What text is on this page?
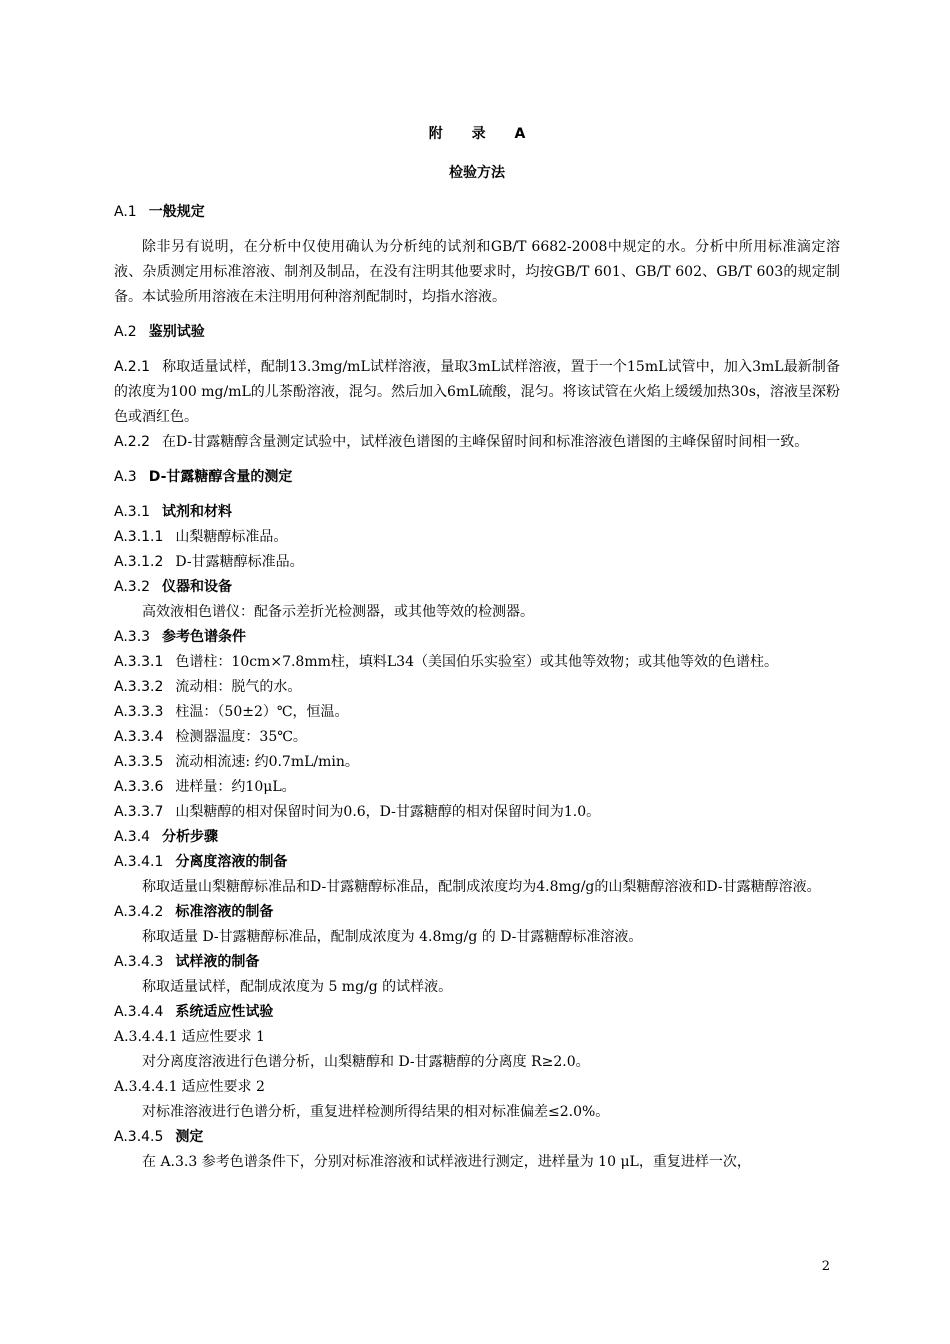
附 录 A
检验方法
A.1 一般规定
除非另有说明，在分析中仅使用确认为分析纯的试剂和GB/T 6682-2008中规定的水。分析中所用标准滴定溶液、杂质测定用标准溶液、制剂及制品，在没有注明其他要求时，均按GB/T 601、GB/T 602、GB/T 603的规定制备。本试验所用溶液在未注明用何种溶剂配制时，均指水溶液。
A.2 鉴别试验
A.2.1 称取适量试样，配制13.3mg/mL试样溶液，量取3mL试样溶液，置于一个15mL试管中，加入3mL最新制备的浓度为100 mg/mL的儿茶酚溶液，混匀。然后加入6mL硫酸，混匀。将该试管在火焰上缓缓加热30s，溶液呈深粉色或酒红色。
A.2.2 在D-甘露糖醇含量测定试验中，试样液色谱图的主峰保留时间和标准溶液色谱图的主峰保留时间相一致。
A.3 D-甘露糖醇含量的测定
A.3.1 试剂和材料
A.3.1.1 山梨糖醇标准品。
A.3.1.2 D-甘露糖醇标准品。
A.3.2 仪器和设备
高效液相色谱仪：配备示差折光检测器，或其他等效的检测器。
A.3.3 参考色谱条件
A.3.3.1 色谱柱：10cm×7.8mm柱，填料L34（美国伯乐实验室）或其他等效物；或其他等效的色谱柱。
A.3.3.2 流动相：脱气的水。
A.3.3.3 柱温：（50±2）℃，恒温。
A.3.3.4 检测器温度：35℃。
A.3.3.5 流动相流速: 约0.7mL/min。
A.3.3.6 进样量：约10μL。
A.3.3.7 山梨糖醇的相对保留时间为0.6，D-甘露糖醇的相对保留时间为1.0。
A.3.4 分析步骤
A.3.4.1 分离度溶液的制备
称取适量山梨糖醇标准品和D-甘露糖醇标准品，配制成浓度均为4.8mg/g的山梨糖醇溶液和D-甘露糖醇溶液。
A.3.4.2 标准溶液的制备
称取适量 D-甘露糖醇标准品，配制成浓度为 4.8mg/g 的 D-甘露糖醇标准溶液。
A.3.4.3 试样液的制备
称取适量试样，配制成浓度为 5 mg/g 的试样液。
A.3.4.4 系统适应性试验
A.3.4.4.1 适应性要求 1
对分离度溶液进行色谱分析，山梨糖醇和 D-甘露糖醇的分离度 R≥2.0。
A.3.4.4.1 适应性要求 2
对标准溶液进行色谱分析，重复进样检测所得结果的相对标准偏差≤2.0%。
A.3.4.5 测定
在 A.3.3 参考色谱条件下，分别对标准溶液和试样液进行测定，进样量为 10 μL，重复进样一次，
2
